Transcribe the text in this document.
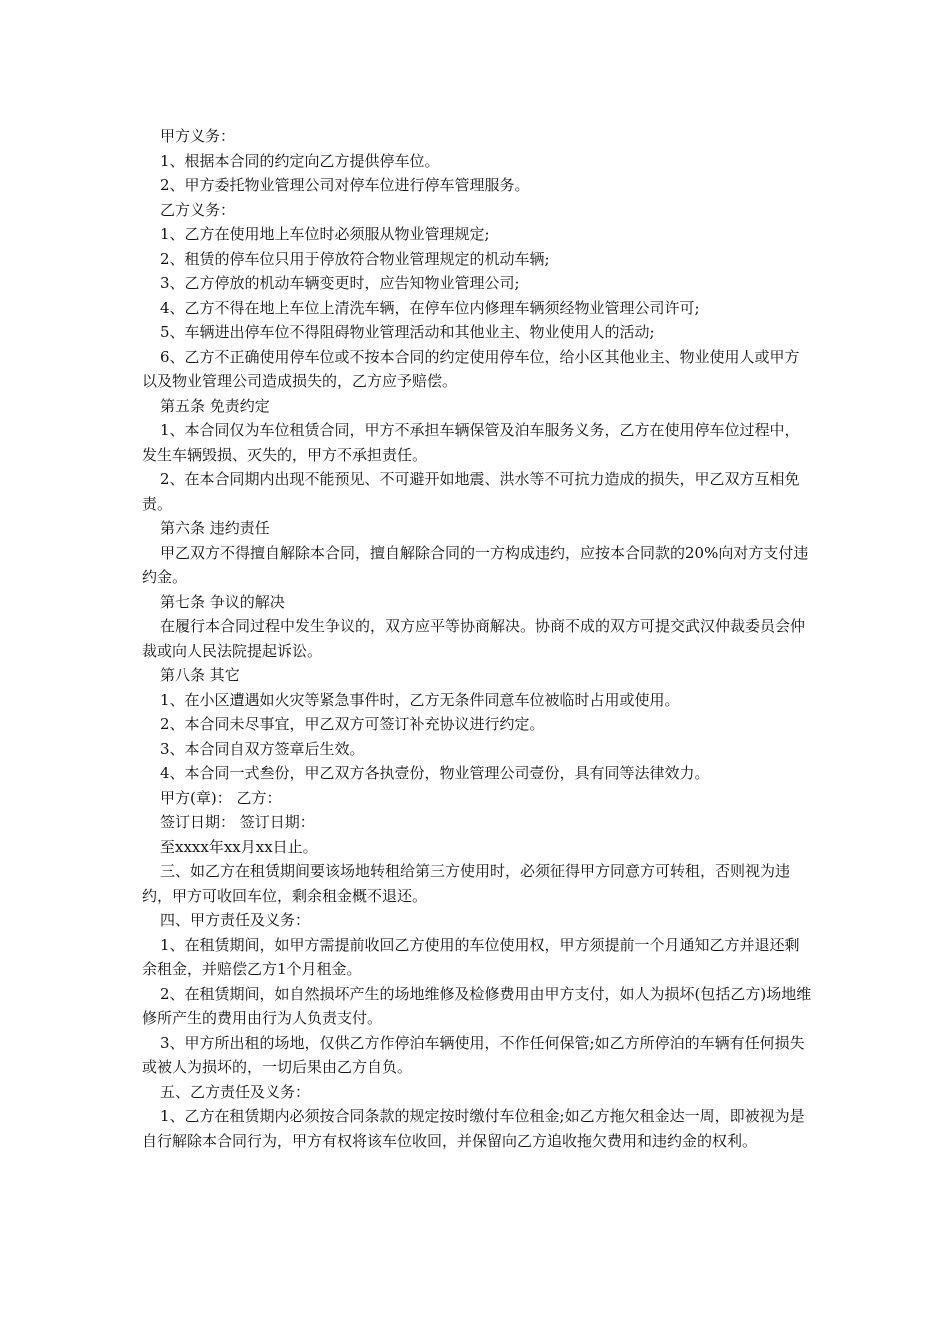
甲方义务：

1、根据本合同的约定向乙方提供停车位。

2、甲方委托物业管理公司对停车位进行停车管理服务。

乙方义务：

1、乙方在使用地上车位时必须服从物业管理规定;

2、租赁的停车位只用于停放符合物业管理规定的机动车辆;

3、乙方停放的机动车辆变更时，应告知物业管理公司;

4、乙方不得在地上车位上清洗车辆，在停车位内修理车辆须经物业管理公司许可;

5、车辆进出停车位不得阻碍物业管理活动和其他业主、物业使用人的活动;

6、乙方不正确使用停车位或不按本合同的约定使用停车位，给小区其他业主、物业使用人或甲方以及物业管理公司造成损失的，乙方应予赔偿。

第五条 免责约定

1、本合同仅为车位租赁合同，甲方不承担车辆保管及泊车服务义务，乙方在使用停车位过程中，发生车辆毁损、灭失的，甲方不承担责任。

2、在本合同期内出现不能预见、不可避开如地震、洪水等不可抗力造成的损失，甲乙双方互相免责。

第六条 违约责任

甲乙双方不得擅自解除本合同，擅自解除合同的一方构成违约，应按本合同款的20%向对方支付违约金。

第七条 争议的解决

在履行本合同过程中发生争议的，双方应平等协商解决。协商不成的双方可提交武汉仲裁委员会仲裁或向人民法院提起诉讼。

第八条 其它

1、在小区遭遇如火灾等紧急事件时，乙方无条件同意车位被临时占用或使用。

2、本合同未尽事宜，甲乙双方可签订补充协议进行约定。

3、本合同自双方签章后生效。

4、本合同一式叁份，甲乙双方各执壹份，物业管理公司壹份，具有同等法律效力。

甲方(章)： 乙方：

签订日期： 签订日期：

至xxxx年xx月xx日止。

三、如乙方在租赁期间要该场地转租给第三方使用时，必须征得甲方同意方可转租，否则视为违约，甲方可收回车位，剩余租金概不退还。

四、甲方责任及义务：

1、在租赁期间，如甲方需提前收回乙方使用的车位使用权，甲方须提前一个月通知乙方并退还剩余租金，并赔偿乙方1个月租金。

2、在租赁期间，如自然损坏产生的场地维修及检修费用由甲方支付，如人为损坏(包括乙方)场地维修所产生的费用由行为人负责支付。

3、甲方所出租的场地，仅供乙方作停泊车辆使用，不作任何保管;如乙方所停泊的车辆有任何损失或被人为损坏的，一切后果由乙方自负。

五、乙方责任及义务：

1、乙方在租赁期内必须按合同条款的规定按时缴付车位租金;如乙方拖欠租金达一周，即被视为是自行解除本合同行为，甲方有权将该车位收回，并保留向乙方追收拖欠费用和违约金的权利。
